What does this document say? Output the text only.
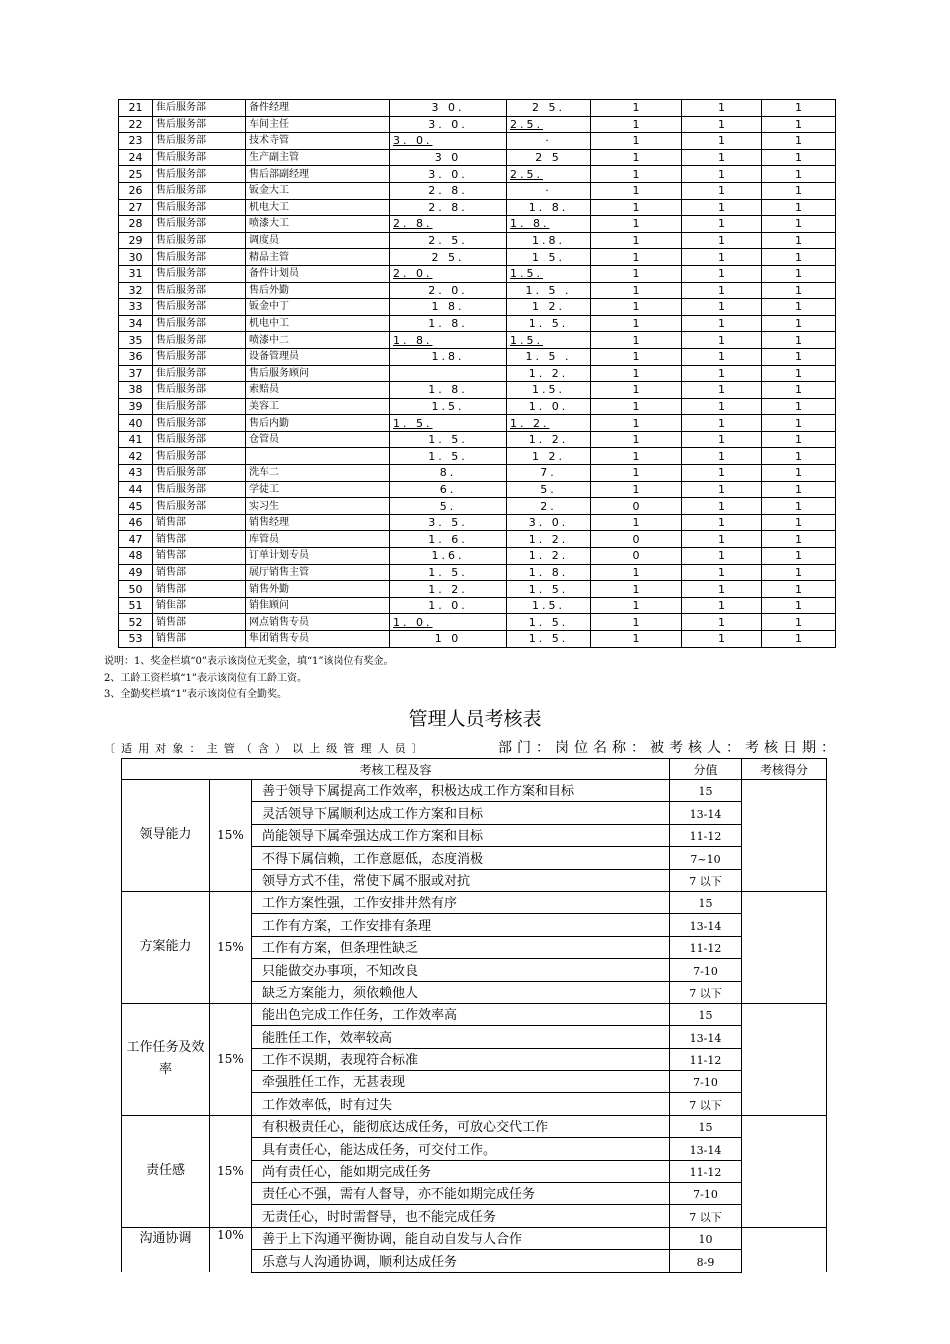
21	隹后服务部	备件经理	3 0.	2 5.	1	1	1
22	售后服务部	车间主任	3. 0.	2.5.	1	1	1
23	售后服务部	技术寺管	3. 0.	·	1	1	1
24	售后服务部	生产副主管	3 0	2 5	1	1	1
25	售后服务部	售后部副经理	3. 0.	2.5.	1	1	1
26	售后服务部	钣金大工	2. 8.	·	1	1	1
27	售后服务部	机电大工	2. 8.	1. 8.	1	1	1
28	售后服务部	喷漆大工	2. 8.	1. 8.	1	1	1
29	售后服务部	调度员	2. 5.	1.8.	1	1	1
30	售后服务部	精品主管	2 5.	1 5.	1	1	1
31	售后服务部	备件计划员	2. 0.	1.5.	1	1	1
32	售后服务部	售后外勤	2. 0.	1. 5 .	1	1	1
33	售后服务部	钣金中丁	1 8.	1 2.	1	1	1
34	售后服务部	机电中工	1. 8.	1. 5.	1	1	1
35	售后服务部	喷漆中二	1. 8.	1.5.	1	1	1
36	售后服务部	设备管理员	1.8.	1. 5 .	1	1	1
37	隹后服务部	售后服务顾问		1. 2.	1	1	1
38	售后服务部	索赔员	1. 8.	1.5.	1	1	1
39	隹后服务部	美容工	1.5.	1. 0.	1	1	1
40	售后服务部	售后内勤	1. 5.	1. 2.	1	1	1
41	售后服务部	仓管员	1. 5.	1. 2.	1	1	1
42	售后服务部		1. 5.	1 2.	1	1	1
43	售后服务部	洗车二	8.	7.	1	1	1
44	售后服务部	学徒工	6.	5.	1	1	1
45	售后服务部	实习生	5.	2.	0	1	1
46	销售部	销售经理	3. 5.	3. 0.	1	1	1
47	销售部	库管员	1. 6.	1. 2.	0	1	1
48	销售部	订单计划专员	1.6.	1. 2.	0	1	1
49	销售部	展厅销售主管	1. 5.	1. 8.	1	1	1
50	销售部	销售外勤	1. 2.	1. 5.	1	1	1
51	销隹部	销隹顾问	1. 0.	1.5.	1	1	1
52	销售部	网点销售专员	1. 0.	1. 5.	1	1	1
53	销售部	隼团销售专员	1 0	1. 5.	1	1	1
说明：1、奖金栏填“0”表示该岗位无奖金，填“1”该岗位有奖金。
2、工龄工资栏填“1”表示该岗位有工龄工资。
3、全勤奖栏填“1”表示该岗位有全勤奖。
管理人员考核表
〔适用对象：主管（含）以上级管理人员〕	部门：岗位名称：被考核人：考核日期：
考核工程及容			分值	考核得分
领导能力	15%	善于领导下属提高工作效率，积极达成工作方案和目标	15	
		灵活领导下属顺利达成工作方案和目标	13-14	
		尚能领导下属牵强达成工作方案和目标	11-12	
		不得下属信赖，工作意愿低，态度消极	7~10	
		领导方式不佳，常使下属不服或对抗	7 以下	
方案能力	15%	工作方案性强，工作安排井然有序	15	
		工作有方案，工作安排有条理	13-14	
		工作有方案，但条理性缺乏	11-12	
		只能做交办事项，不知改良	7-10	
		缺乏方案能力，须依赖他人	7 以下	
工作任务及效率	15%	能出色完成工作任务，工作效率高	15	
		能胜任工作，效率较高	13-14	
		工作不误期，表现符合标准	11-12	
		牵强胜任工作，无甚表现	7-10	
		工作效率低，时有过失	7 以下	
责任感	15%	有积极责任心，能彻底达成任务，可放心交代工作	15	
		具有责任心，能达成任务，可交付工作。	13-14	
		尚有责任心，能如期完成任务	11-12	
		责任心不强，需有人督导，亦不能如期完成任务	7-10	
		无责任心，时时需督导，也不能完成任务	7 以下	
沟通协调	10%	善于上下沟通平衡协调，能自动自发与人合作	10	
		乐意与人沟通协调，顺利达成任务	8-9	
